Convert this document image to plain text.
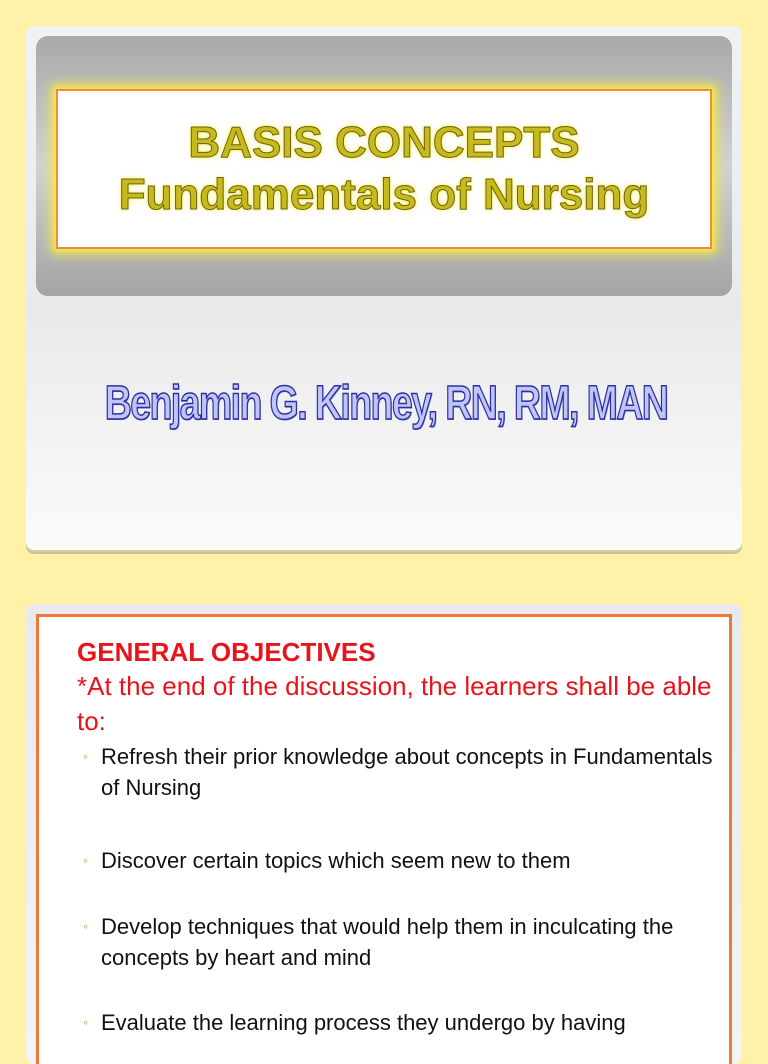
BASIS CONCEPTS
Fundamentals of Nursing
Benjamin G. Kinney, RN, RM, MAN
GENERAL OBJECTIVES
*At the end of the discussion, the learners shall be able to:
◦ Refresh their prior knowledge about concepts in Fundamentals of Nursing
◦ Discover certain topics which seem new to them
◦ Develop techniques that would help them in inculcating the concepts by heart and mind
◦ Evaluate the learning process they undergo by having
